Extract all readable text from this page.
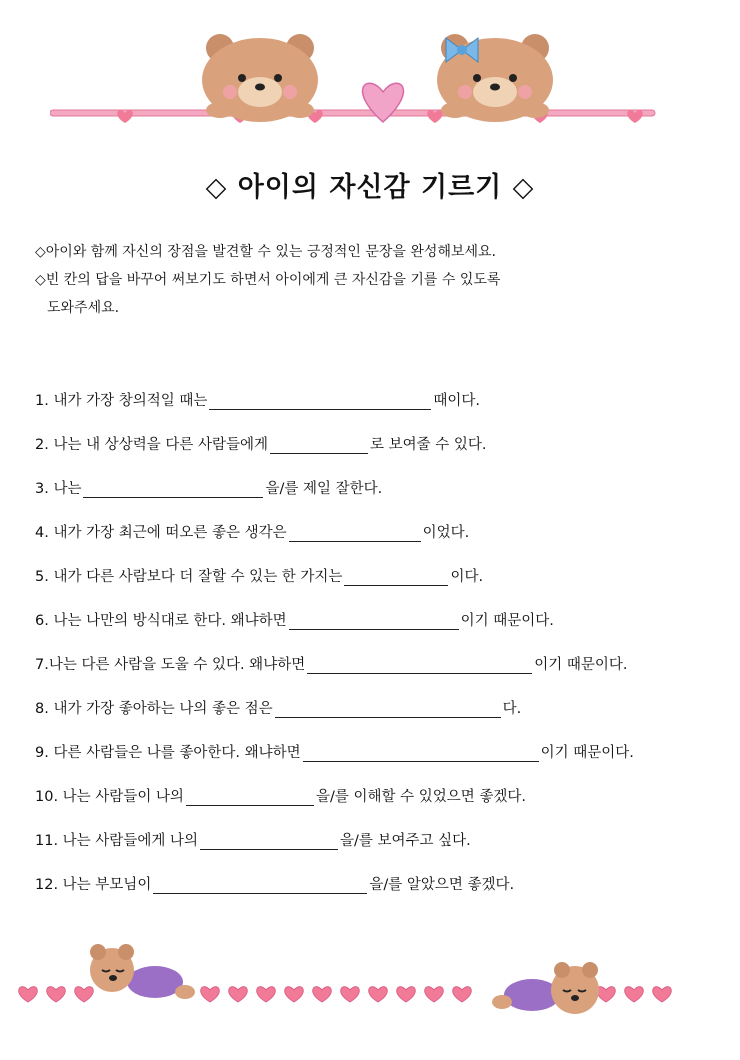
◇ 아이의 자신감 기르기 ◇
◇아이와 함께 자신의 장점을 발견할 수 있는 긍정적인 문장을 완성해보세요.
◇빈 칸의 답을 바꾸어 써보기도 하면서 아이에게 큰 자신감을 기를 수 있도록
도와주세요.
1. 내가 가장 창의적일 때는	때이다.
2. 나는 내 상상력을 다른 사람들에게	로 보여줄 수 있다.
3. 나는	을/를 제일 잘한다.
4. 내가 가장 최근에 떠오른 좋은 생각은	이었다.
5. 내가 다른 사람보다 더 잘할 수 있는 한 가지는	이다.
6. 나는 나만의 방식대로 한다. 왜냐하면	이기 때문이다.
7.나는 다른 사람을 도울 수 있다. 왜냐하면	이기 때문이다.
8. 내가 가장 좋아하는 나의 좋은 점은	다.
9. 다른 사람들은 나를 좋아한다. 왜냐하면	이기 때문이다.
10. 나는 사람들이 나의	을/를 이해할 수 있었으면 좋겠다.
11. 나는 사람들에게 나의	을/를 보여주고 싶다.
12. 나는 부모님이	을/를 알았으면 좋겠다.
